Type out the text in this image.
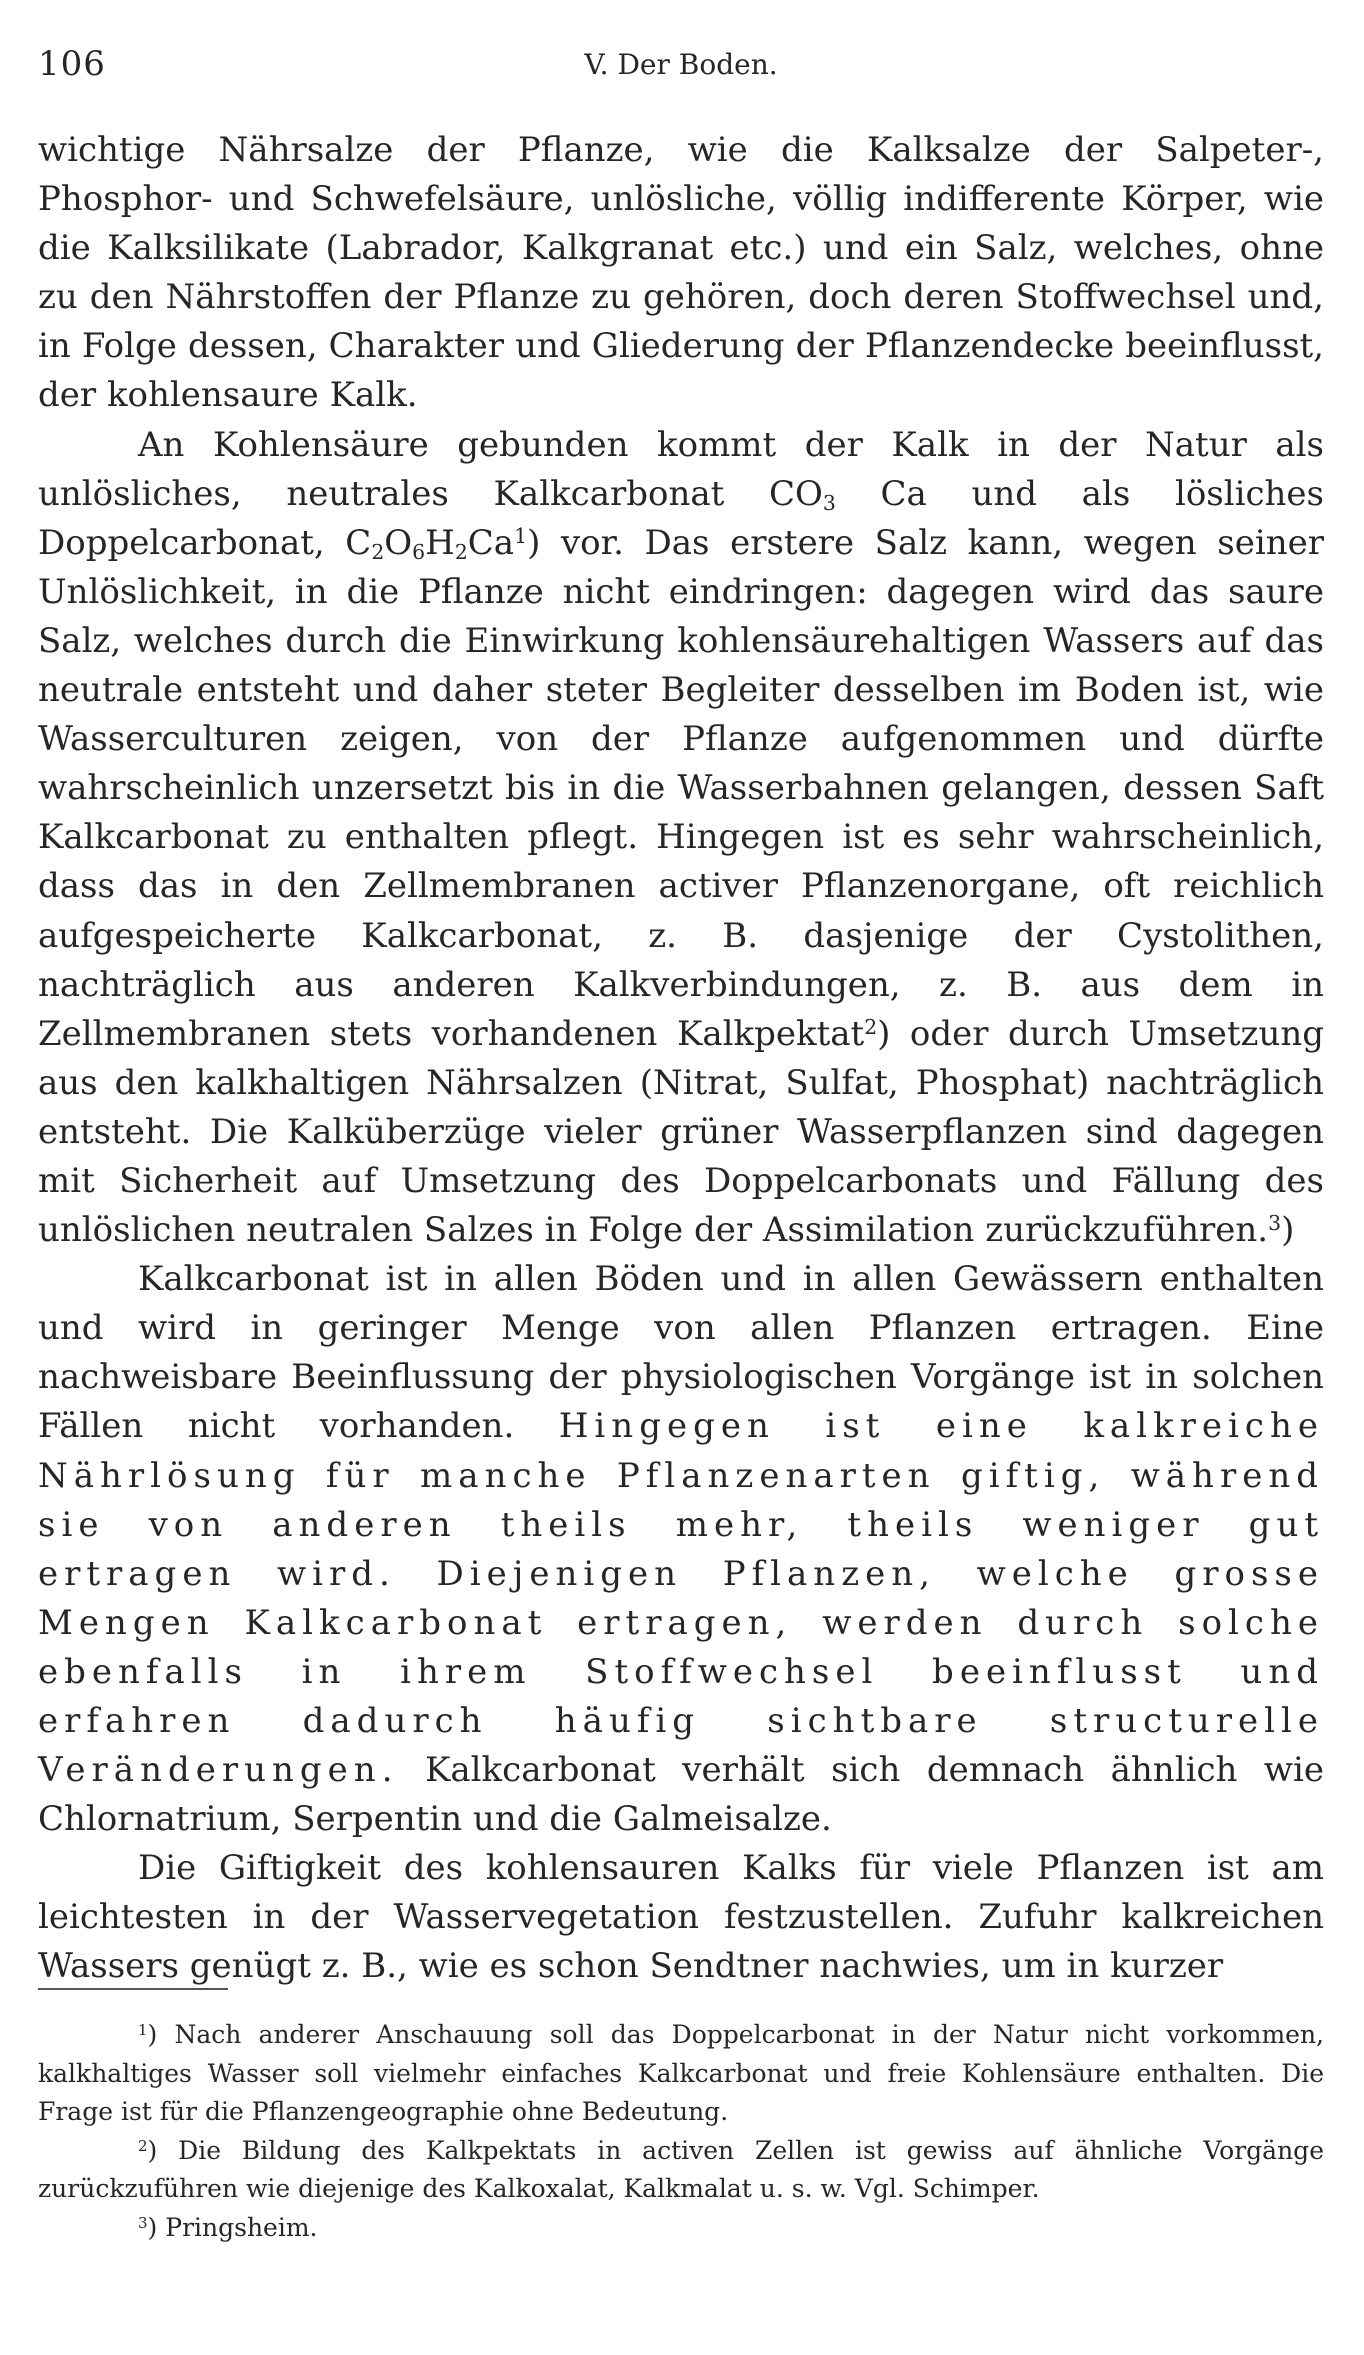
106	V. Der Boden.

wichtige Nährsalze der Pflanze, wie die Kalksalze der Salpeter-, Phosphor- und Schwefelsäure, unlösliche, völlig indifferente Körper, wie die Kalksilikate (Labrador, Kalkgranat etc.) und ein Salz, welches, ohne zu den Nährstoffen der Pflanze zu gehören, doch deren Stoffwechsel und, in Folge dessen, Charakter und Gliederung der Pflanzendecke beeinflusst, der kohlensaure Kalk.

An Kohlensäure gebunden kommt der Kalk in der Natur als unlösliches, neutrales Kalkcarbonat $CO_3$ Ca und als lösliches Doppelcarbonat, $C_2O_6H_2Ca^1$) vor. Das erstere Salz kann, wegen seiner Unlöslichkeit, in die Pflanze nicht eindringen: dagegen wird das saure Salz, welches durch die Einwirkung kohlensäurehaltigen Wassers auf das neutrale entsteht und daher steter Begleiter desselben im Boden ist, wie Wasserculturen zeigen, von der Pflanze aufgenommen und dürfte wahrscheinlich unzersetzt bis in die Wasserbahnen gelangen, dessen Saft Kalkcarbonat zu enthalten pflegt. Hingegen ist es sehr wahrscheinlich, dass das in den Zellmembranen activer Pflanzenorgane, oft reichlich aufgespeicherte Kalkcarbonat, z. B. dasjenige der Cystolithen, nachträglich aus anderen Kalkverbindungen, z. B. aus dem in Zellmembranen stets vorhandenen Kalkpektat$^2$) oder durch Umsetzung aus den kalkhaltigen Nährsalzen (Nitrat, Sulfat, Phosphat) nachträglich entsteht. Die Kalküberzüge vieler grüner Wasserpflanzen sind dagegen mit Sicherheit auf Umsetzung des Doppelcarbonats und Fällung des unlöslichen neutralen Salzes in Folge der Assimilation zurückzuführen.$^3$)

Kalkcarbonat ist in allen Böden und in allen Gewässern enthalten und wird in geringer Menge von allen Pflanzen ertragen. Eine nachweisbare Beeinflussung der physiologischen Vorgänge ist in solchen Fällen nicht vorhanden. Hingegen ist eine kalkreiche Nährlösung für manche Pflanzenarten giftig, während sie von anderen theils mehr, theils weniger gut ertragen wird. Diejenigen Pflanzen, welche grosse Mengen Kalkcarbonat ertragen, werden durch solche ebenfalls in ihrem Stoffwechsel beeinflusst und erfahren dadurch häufig sichtbare structurelle Veränderungen. Kalkcarbonat verhält sich demnach ähnlich wie Chlornatrium, Serpentin und die Galmeisalze.

Die Giftigkeit des kohlensauren Kalks für viele Pflanzen ist am leichtesten in der Wasservegetation festzustellen. Zufuhr kalkreichen Wassers genügt z. B., wie es schon Sendtner nachwies, um in kurzer

$^1$) Nach anderer Anschauung soll das Doppelcarbonat in der Natur nicht vorkommen, kalkhaltiges Wasser soll vielmehr einfaches Kalkcarbonat und freie Kohlensäure enthalten. Die Frage ist für die Pflanzengeographie ohne Bedeutung.

$^2$) Die Bildung des Kalkpektats in activen Zellen ist gewiss auf ähnliche Vorgänge zurückzuführen wie diejenige des Kalkoxalat, Kalkmalat u. s. w. Vgl. Schimper.

$^3$) Pringsheim.
